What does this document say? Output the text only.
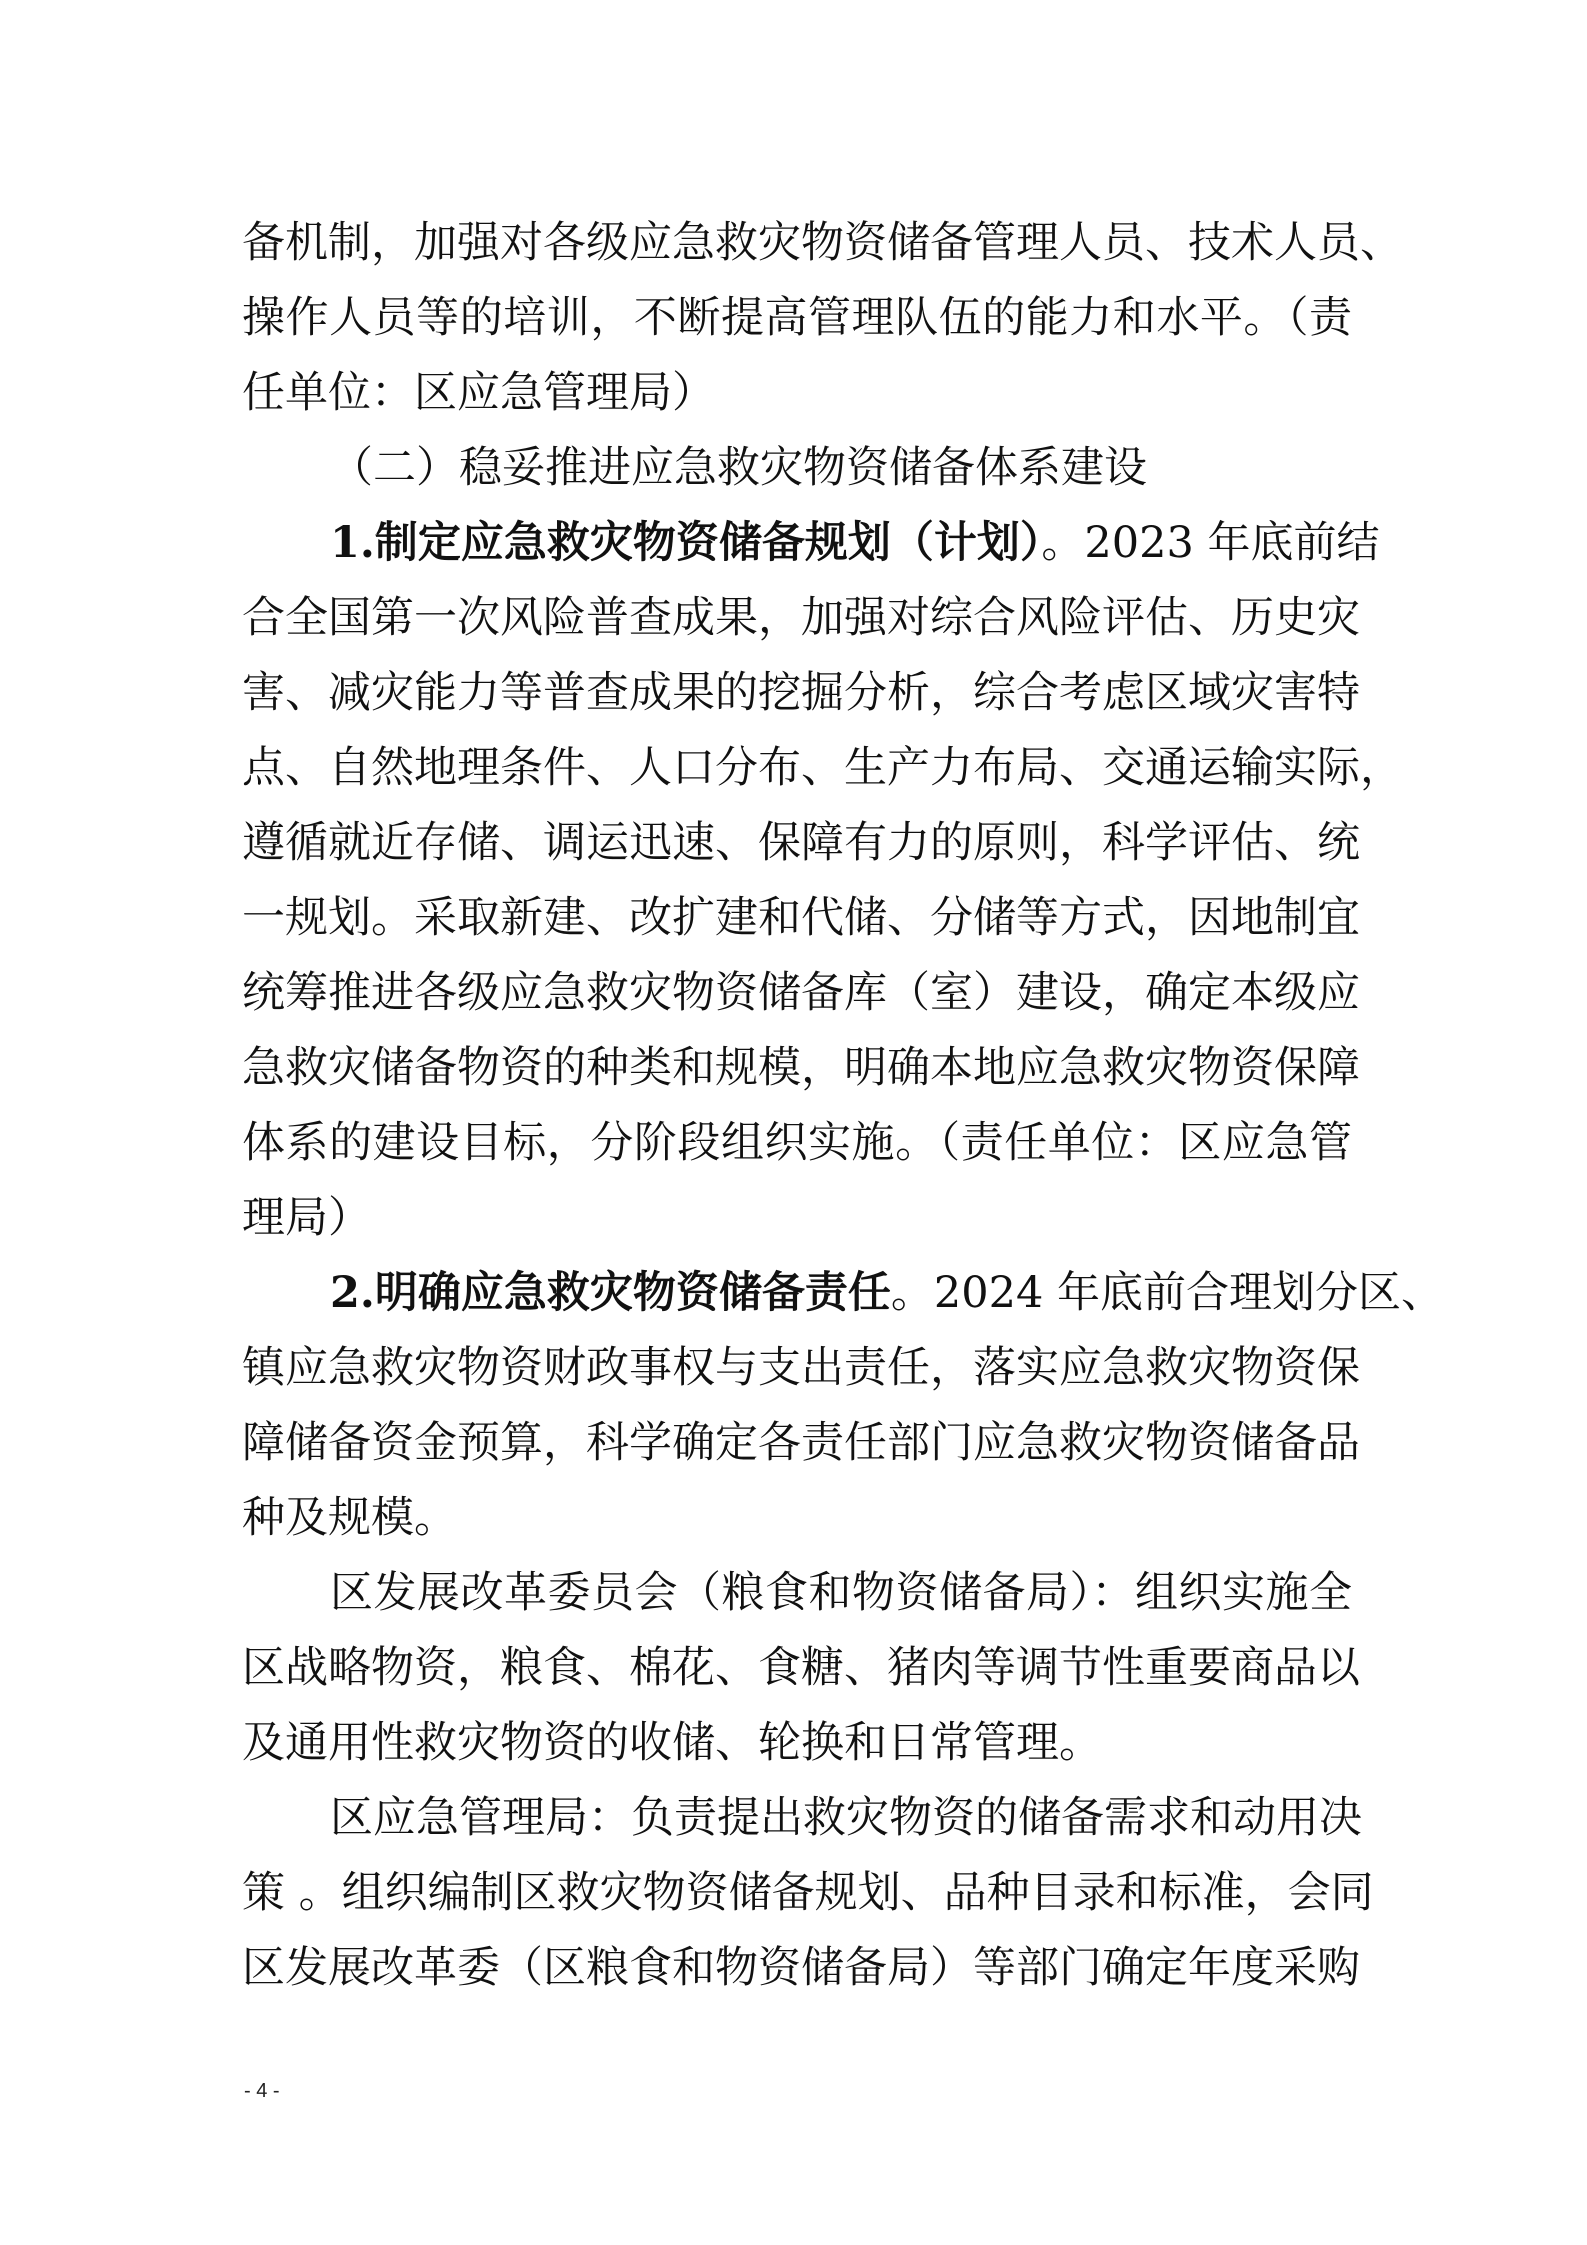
备机制，加强对各级应急救灾物资储备管理人员、技术人员、
操作人员等的培训，不断提高管理队伍的能力和水平。（责
任单位：区应急管理局）
（二）稳妥推进应急救灾物资储备体系建设
1.制定应急救灾物资储备规划（计划）。2023 年底前结
合全国第一次风险普查成果，加强对综合风险评估、历史灾
害、减灾能力等普查成果的挖掘分析，综合考虑区域灾害特
点、自然地理条件、人口分布、生产力布局、交通运输实际，
遵循就近存储、调运迅速、保障有力的原则，科学评估、统
一规划。采取新建、改扩建和代储、分储等方式，因地制宜
统筹推进各级应急救灾物资储备库（室）建设，确定本级应
急救灾储备物资的种类和规模，明确本地应急救灾物资保障
体系的建设目标，分阶段组织实施。（责任单位：区应急管
理局）
2.明确应急救灾物资储备责任。2024 年底前合理划分区、
镇应急救灾物资财政事权与支出责任，落实应急救灾物资保
障储备资金预算，科学确定各责任部门应急救灾物资储备品
种及规模。
区发展改革委员会（粮食和物资储备局）：组织实施全
区战略物资，粮食、棉花、食糖、猪肉等调节性重要商品以
及通用性救灾物资的收储、轮换和日常管理。
区应急管理局：负责提出救灾物资的储备需求和动用决
策 。组织编制区救灾物资储备规划、品种目录和标准，会同
区发展改革委（区粮食和物资储备局）等部门确定年度采购
- 4 -
